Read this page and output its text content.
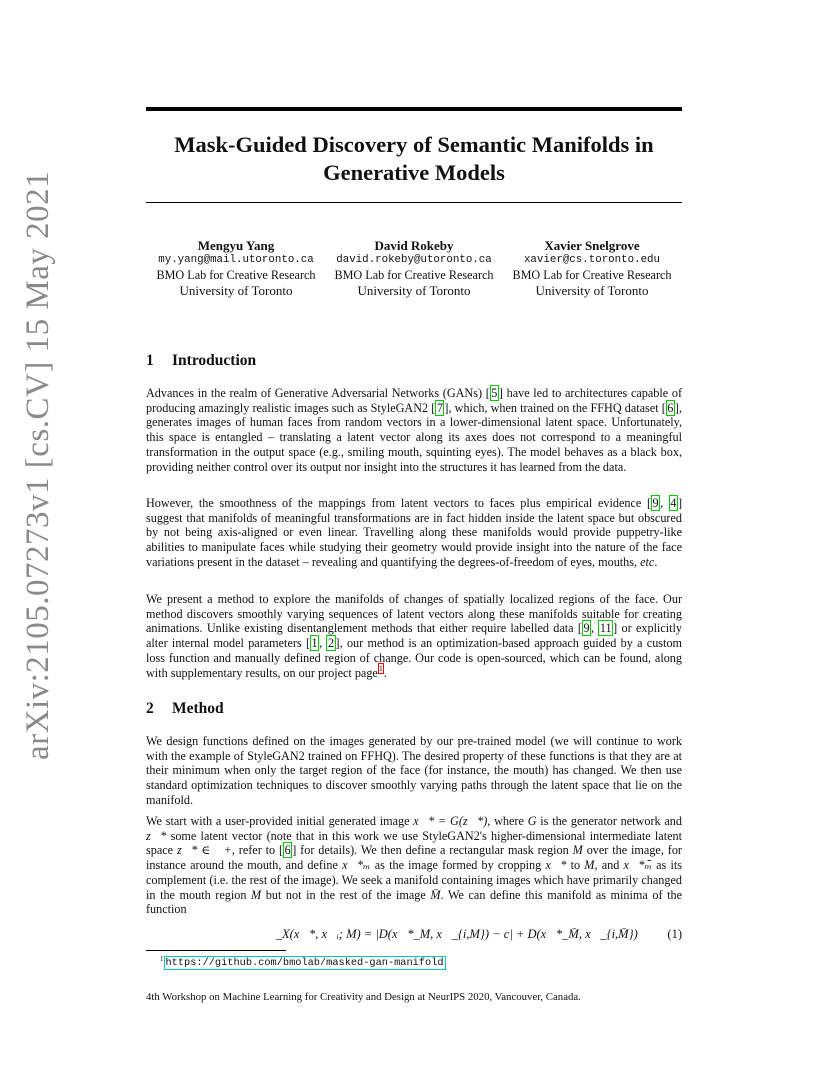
arXiv:2105.07273v1 [cs.CV] 15 May 2021
Mask-Guided Discovery of Semantic Manifolds in
Generative Models
Mengyu Yang
my.yang@mail.utoronto.ca
BMO Lab for Creative Research
University of Toronto
David Rokeby
david.rokeby@utoronto.ca
BMO Lab for Creative Research
University of Toronto
Xavier Snelgrove
xavier@cs.toronto.edu
BMO Lab for Creative Research
University of Toronto
1 Introduction
Advances in the realm of Generative Adversarial Networks (GANs) [ 5 ] have led to architectures capable of producing amazingly realistic images such as StyleGAN2 [ 7 ], which, when trained on the FFHQ dataset [ 6 ], generates images of human faces from random vectors in a lower-dimensional latent space. Unfortunately, this space is entangled – translating a latent vector along its axes does not correspond to a meaningful transformation in the output space (e.g., smiling mouth, squinting eyes). The model behaves as a black box, providing neither control over its output nor insight into the structures it has learned from the data.
However, the smoothness of the mappings from latent vectors to faces plus empirical evidence [ 9 , 4 ] suggest that manifolds of meaningful transformations are in fact hidden inside the latent space but obscured by not being axis-aligned or even linear. Travelling along these manifolds would provide puppetry-like abilities to manipulate faces while studying their geometry would provide insight into the nature of the face variations present in the dataset – revealing and quantifying the degrees-of-freedom of eyes, mouths, etc.
We present a method to explore the manifolds of changes of spatially localized regions of the face. Our method discovers smoothly varying sequences of latent vectors along these manifolds suitable for creating animations. Unlike existing disentanglement methods that either require labelled data [ 9 , 11 ] or explicitly alter internal model parameters [ 1 , 2 ], our method is an optimization-based approach guided by a custom loss function and manually defined region of change. Our code is open-sourced, which can be found, along with supplementary results, on our project page$^1$.
2 Method
We design functions defined on the images generated by our pre-trained model (we will continue to work with the example of StyleGAN2 trained on FFHQ). The desired property of these functions is that they are at their minimum when only the target region of the face (for instance, the mouth) has changed. We then use standard optimization techniques to discover smoothly varying paths through the latent space that lie on the manifold.
We start with a user-provided initial generated image x⃗* = G(z⃗*), where G is the generator network and z⃗* some latent vector (note that in this work we use StyleGAN2's higher-dimensional intermediate latent space z⃗* ∈ 𝒲+, refer to [ 6 ] for details). We then define a rectangular mask region M over the image, for instance around the mouth, and define x⃗*ₘ as the image formed by cropping x⃗* to M, and x⃗*ₘ̄ as its complement (i.e. the rest of the image). We seek a manifold containing images which have primarily changed in the mouth region M but not in the rest of the image M̄. We can define this manifold as minima of the function
ℒ_X(x⃗*, x⃗ᵢ; M) = |D(x⃗*_M, x⃗_{i,M}) − c| + D(x⃗*_M̄, x⃗_{i,M̄}) (1)
$^1$ https://github.com/bmolab/masked-gan-manifold
4th Workshop on Machine Learning for Creativity and Design at NeurIPS 2020, Vancouver, Canada.
